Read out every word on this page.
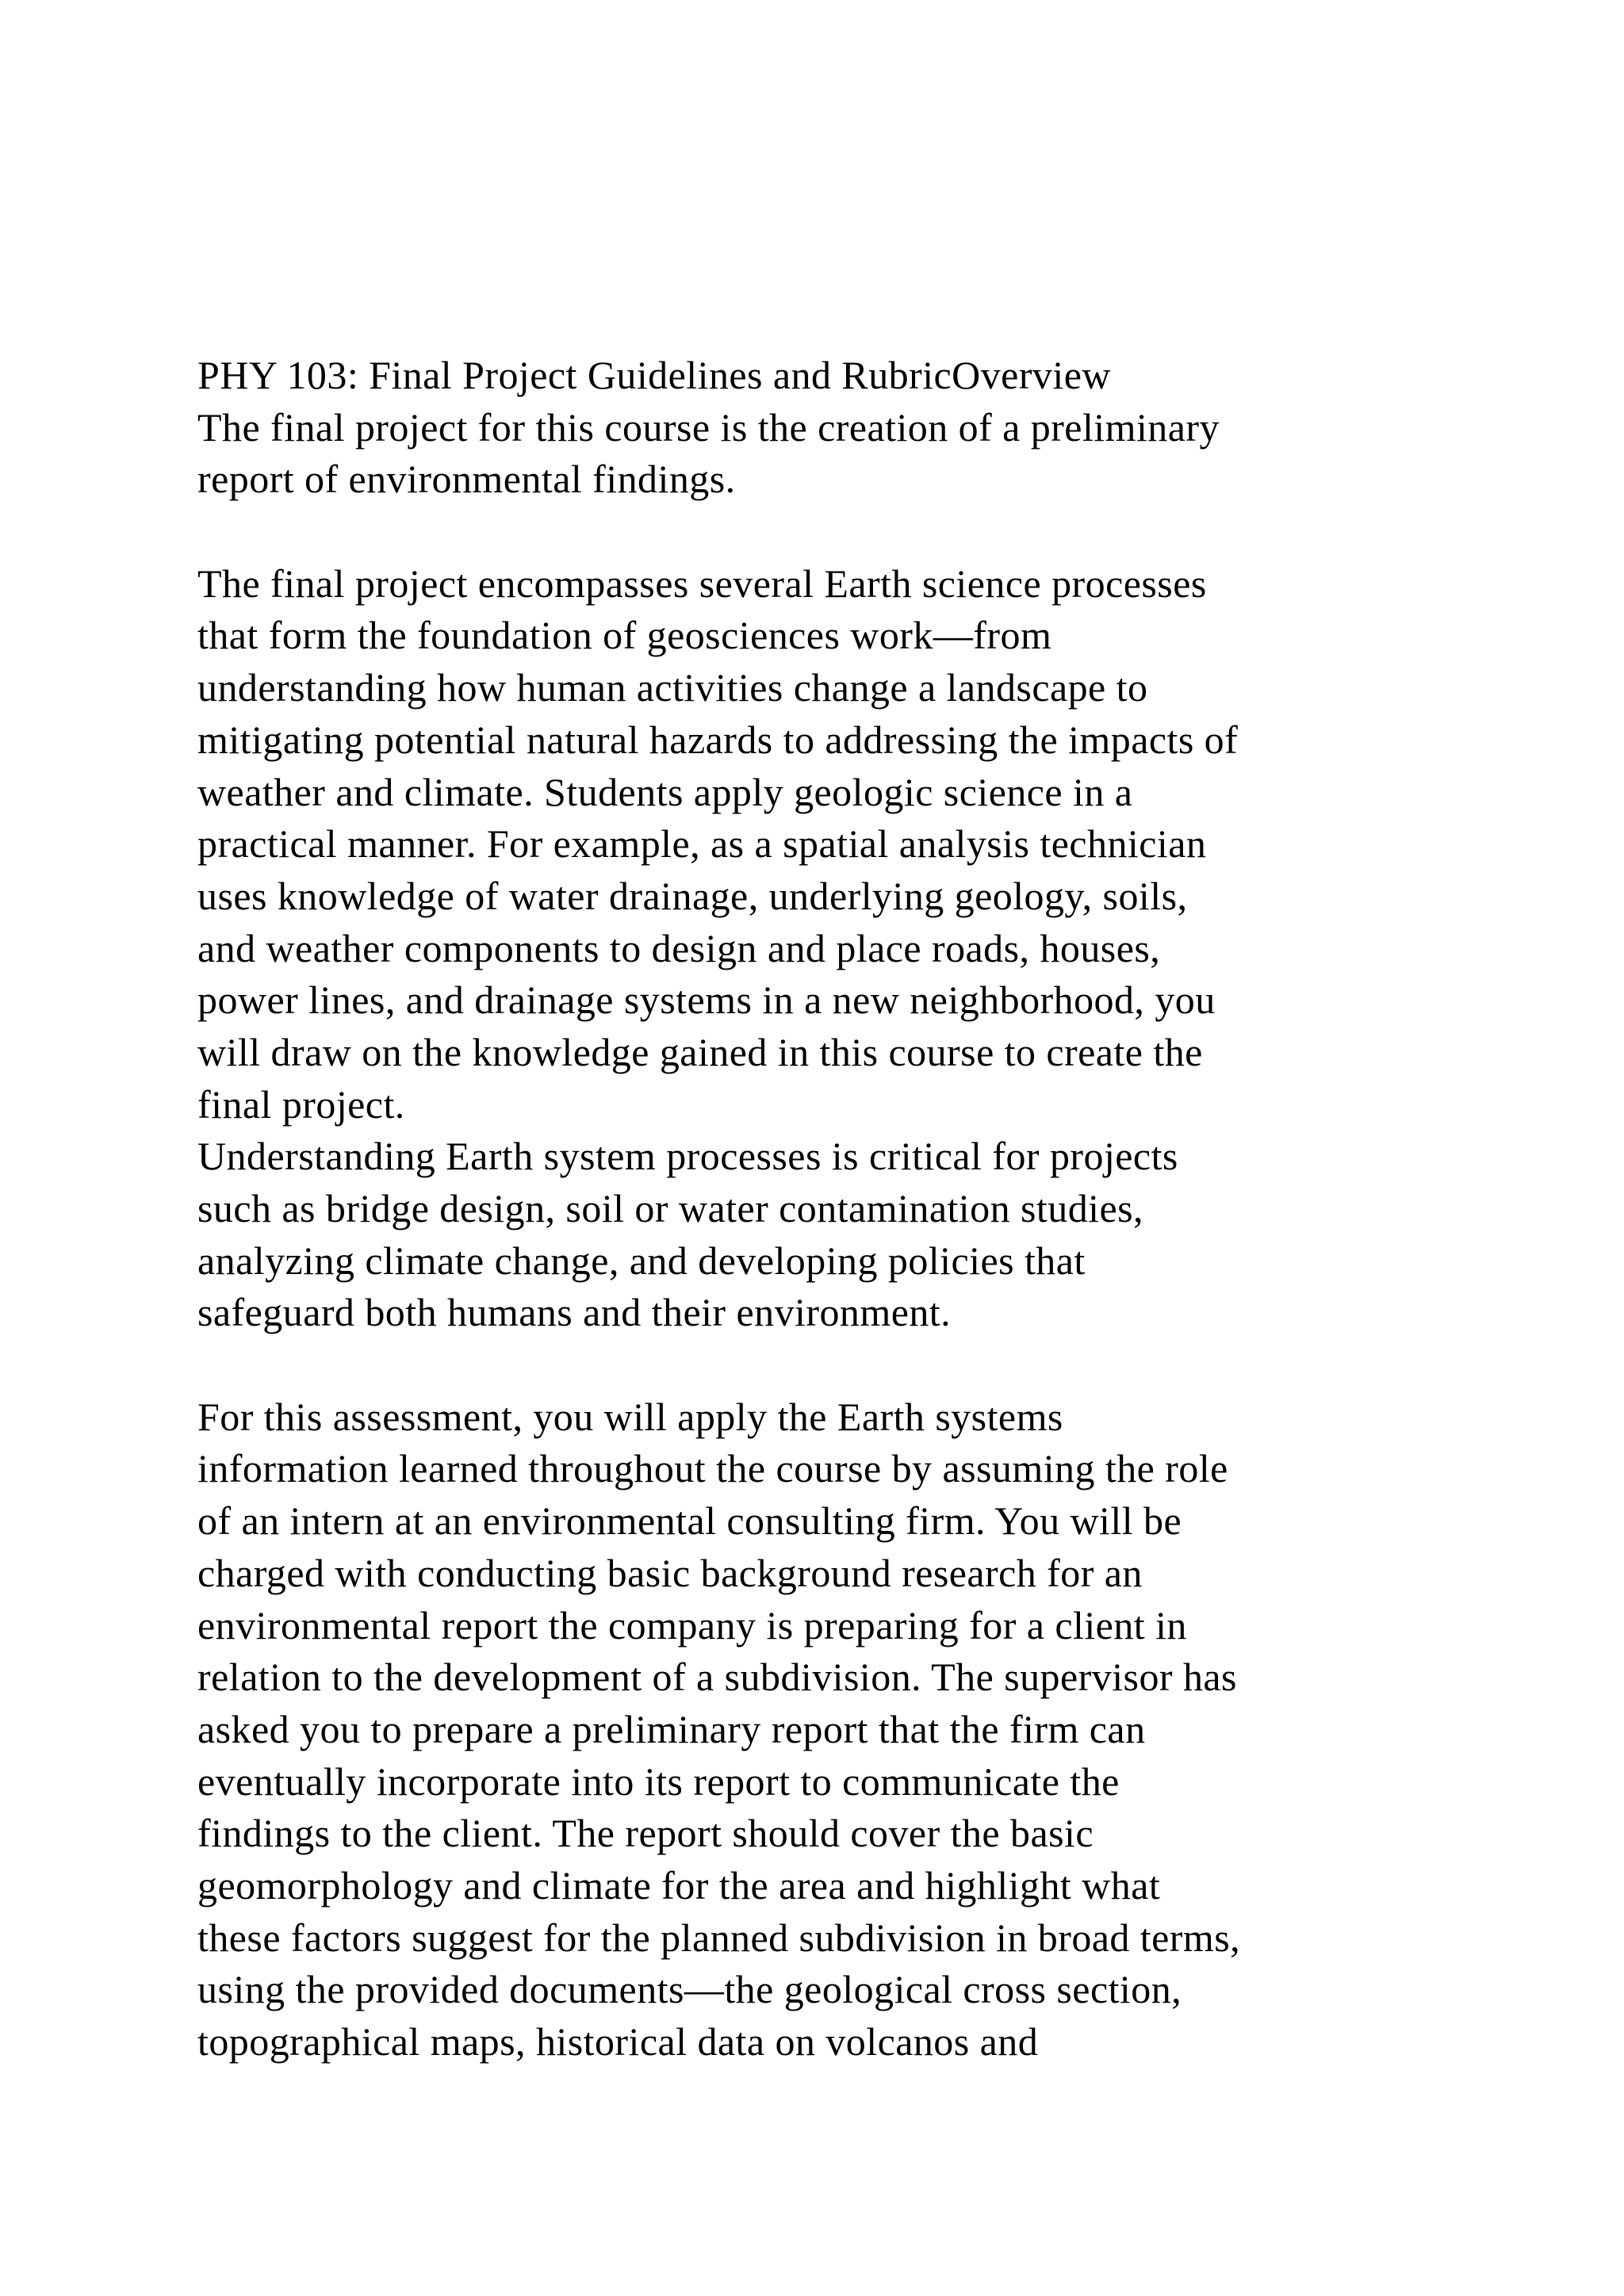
PHY 103: Final Project Guidelines and RubricOverview
The final project for this course is the creation of a preliminary
report of environmental findings.
The final project encompasses several Earth science processes
that form the foundation of geosciences work—from
understanding how human activities change a landscape to
mitigating potential natural hazards to addressing the impacts of
weather and climate. Students apply geologic science in a
practical manner. For example, as a spatial analysis technician
uses knowledge of water drainage, underlying geology, soils,
and weather components to design and place roads, houses,
power lines, and drainage systems in a new neighborhood, you
will draw on the knowledge gained in this course to create the
final project.
Understanding Earth system processes is critical for projects
such as bridge design, soil or water contamination studies,
analyzing climate change, and developing policies that
safeguard both humans and their environment.
For this assessment, you will apply the Earth systems
information learned throughout the course by assuming the role
of an intern at an environmental consulting firm. You will be
charged with conducting basic background research for an
environmental report the company is preparing for a client in
relation to the development of a subdivision. The supervisor has
asked you to prepare a preliminary report that the firm can
eventually incorporate into its report to communicate the
findings to the client. The report should cover the basic
geomorphology and climate for the area and highlight what
these factors suggest for the planned subdivision in broad terms,
using the provided documents—the geological cross section,
topographical maps, historical data on volcanos and
